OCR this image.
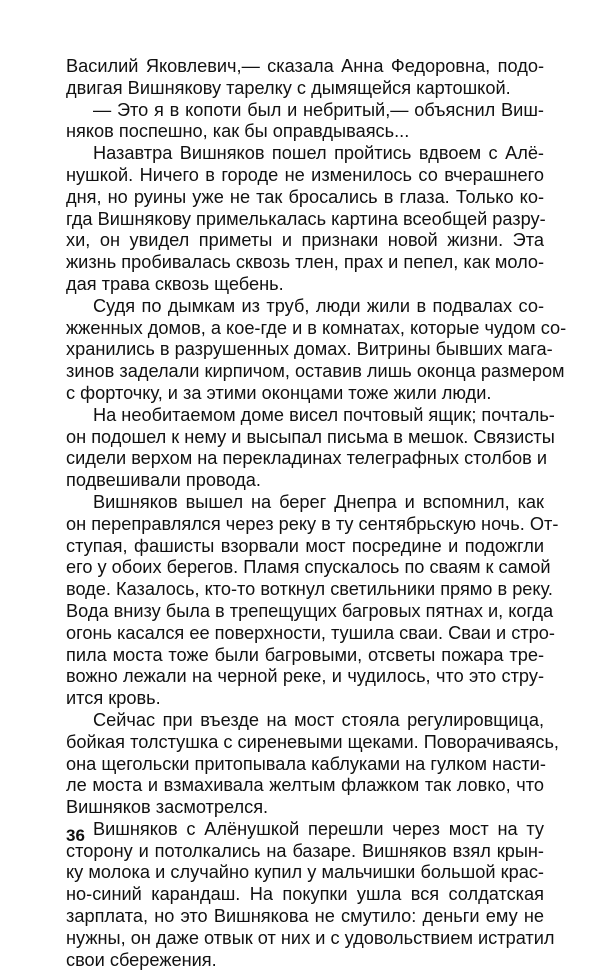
Василий Яковлевич,— сказала Анна Федоровна, подо-
двигая Вишнякову тарелку с дымящейся картошкой.

— Это я в копоти был и небритый,— объяснил Виш-
няков поспешно, как бы оправдываясь...

Назавтра Вишняков пошел пройтись вдвоем с Алё-
нушкой. Ничего в городе не изменилось со вчерашнего
дня, но руины уже не так бросались в глаза. Только ко-
гда Вишнякову примелькалась картина всеобщей разру-
хи, он увидел приметы и признаки новой жизни. Эта
жизнь пробивалась сквозь тлен, прах и пепел, как моло-
дая трава сквозь щебень.

Судя по дымкам из труб, люди жили в подвалах со-
жженных домов, а кое-где и в комнатах, которые чудом со-
хранились в разрушенных домах. Витрины бывших мага-
зинов заделали кирпичом, оставив лишь оконца размером
с форточку, и за этими оконцами тоже жили люди.

На необитаемом доме висел почтовый ящик; почталь-
он подошел к нему и высыпал письма в мешок. Связисты
сидели верхом на перекладинах телеграфных столбов и
подвешивали провода.

Вишняков вышел на берег Днепра и вспомнил, как
он переправлялся через реку в ту сентябрьскую ночь. От-
ступая, фашисты взорвали мост посредине и подожгли
его у обоих берегов. Пламя спускалось по сваям к самой
воде. Казалось, кто-то воткнул светильники прямо в реку.
Вода внизу была в трепещущих багровых пятнах и, когда
огонь касался ее поверхности, тушила сваи. Сваи и стро-
пила моста тоже были багровыми, отсветы пожара тре-
вожно лежали на черной реке, и чудилось, что это стру-
ится кровь.

Сейчас при въезде на мост стояла регулировщица,
бойкая толстушка с сиреневыми щеками. Поворачиваясь,
она щегольски притопывала каблуками на гулком насти-
ле моста и взмахивала желтым флажком так ловко, что
Вишняков засмотрелся.

Вишняков с Алёнушкой перешли через мост на ту
сторону и потолкались на базаре. Вишняков взял крын-
ку молока и случайно купил у мальчишки большой крас-
но-синий карандаш. На покупки ушла вся солдатская
зарплата, но это Вишнякова не смутило: деньги ему не
нужны, он даже отвык от них и с удовольствием истратил
свои сбережения.

36
